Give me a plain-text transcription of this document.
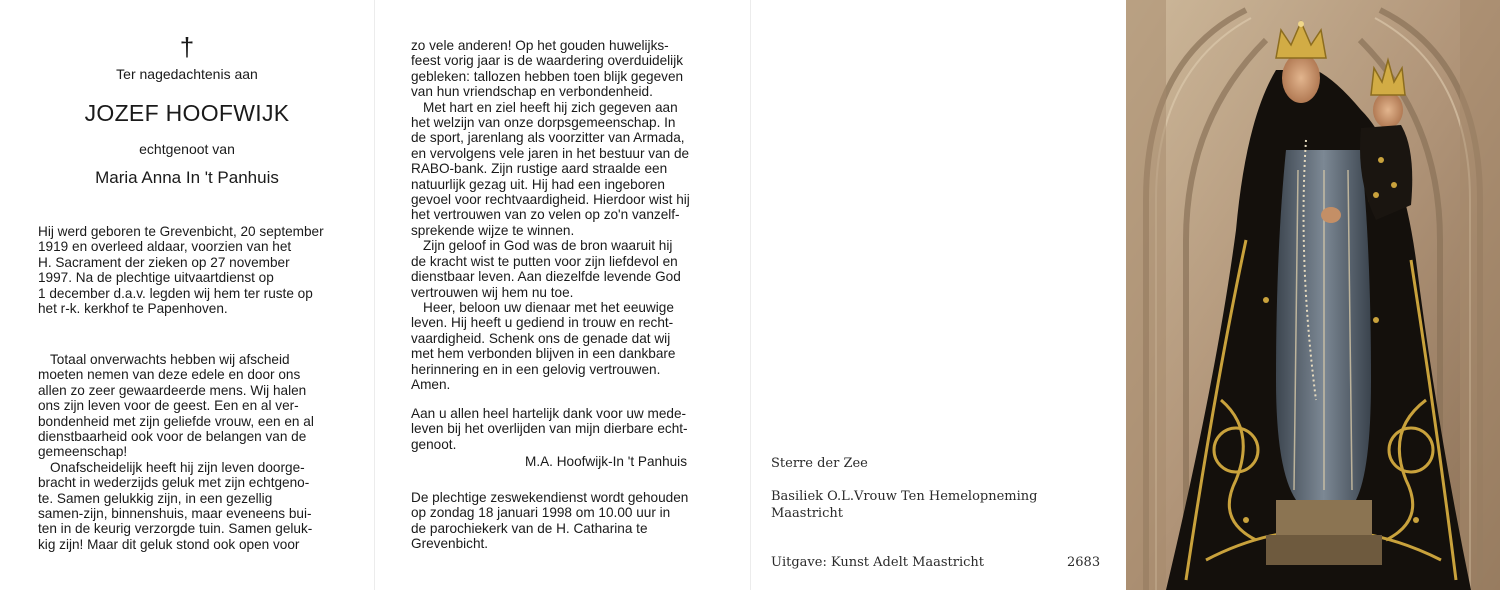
†
Ter nagedachtenis aan
JOZEF HOOFWIJK
echtgenoot van
Maria Anna In 't Panhuis

Hij werd geboren te Grevenbicht, 20 september

1919 en overleed aldaar, voorzien van het

H. Sacrament der zieken op 27 november

1997. Na de plechtige uitvaartdienst op

1 december d.a.v. legden wij hem ter ruste op

het r-k. kerkhof te Papenhoven.

Totaal onverwachts hebben wij afscheid

moeten nemen van deze edele en door ons

allen zo zeer gewaardeerde mens. Wij halen

ons zijn leven voor de geest. Een en al ver-

bondenheid met zijn geliefde vrouw, een en al

dienstbaarheid ook voor de belangen van de

gemeenschap!

Onafscheidelijk heeft hij zijn leven doorge-

bracht in wederzijds geluk met zijn echtgeno-

te. Samen gelukkig zijn, in een gezellig

samen-zijn, binnenshuis, maar eveneens bui-

ten in de keurig verzorgde tuin. Samen geluk-

kig zijn! Maar dit geluk stond ook open voor

zo vele anderen! Op het gouden huwelijks-

feest vorig jaar is de waardering overduidelijk

gebleken: tallozen hebben toen blijk gegeven

van hun vriendschap en verbondenheid.

Met hart en ziel heeft hij zich gegeven aan

het welzijn van onze dorpsgemeenschap. In

de sport, jarenlang als voorzitter van Armada,

en vervolgens vele jaren in het bestuur van de

RABO-bank. Zijn rustige aard straalde een

natuurlijk gezag uit. Hij had een ingeboren

gevoel voor rechtvaardigheid. Hierdoor wist hij

het vertrouwen van zo velen op zo'n vanzelf-

sprekende wijze te winnen.

Zijn geloof in God was de bron waaruit hij

de kracht wist te putten voor zijn liefdevol en

dienstbaar leven. Aan diezelfde levende God

vertrouwen wij hem nu toe.

Heer, beloon uw dienaar met het eeuwige

leven. Hij heeft u gediend in trouw en recht-

vaardigheid. Schenk ons de genade dat wij

met hem verbonden blijven in een dankbare

herinnering en in een gelovig vertrouwen.

Amen.

Aan u allen heel hartelijk dank voor uw mede-

leven bij het overlijden van mijn dierbare echt-

genoot.

M.A. Hoofwijk-In 't Panhuis

De plechtige zeswekendienst wordt gehouden

op zondag 18 januari 1998 om 10.00 uur in

de parochiekerk van de H. Catharina te

Grevenbicht.

Sterre der Zee
Basiliek O.L.Vrouw Ten Hemelopneming
Maastricht
Uitgave: Kunst Adelt Maastricht	2683
